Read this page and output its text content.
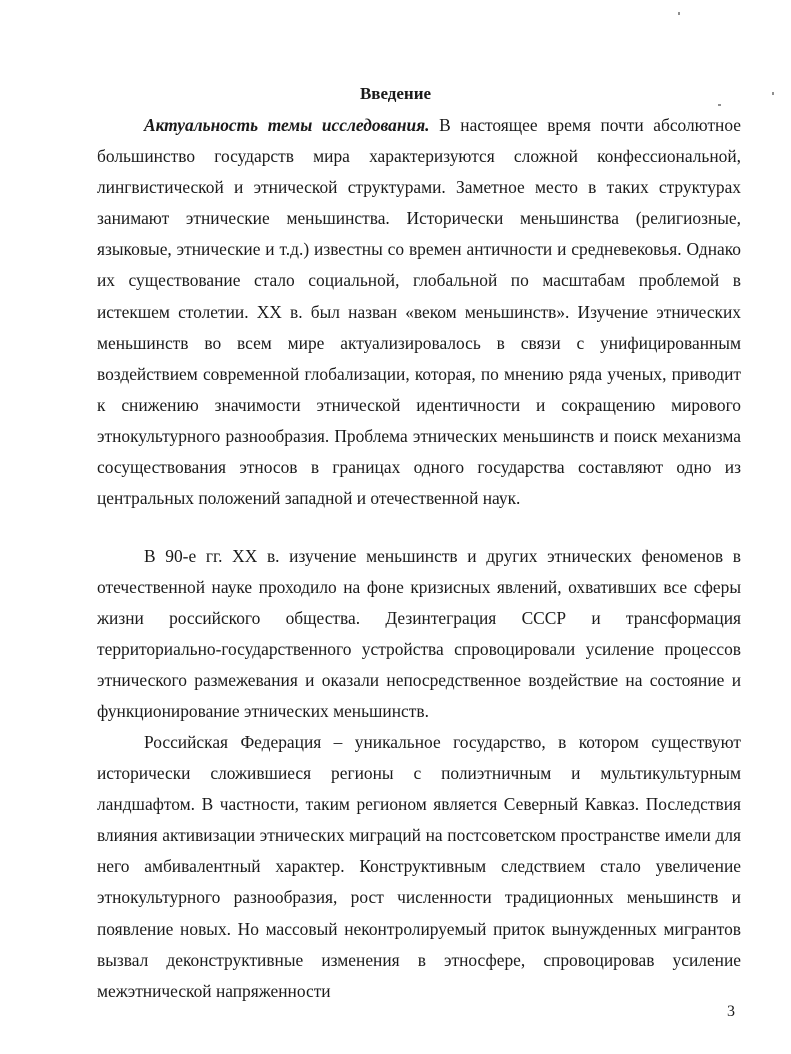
Введение

Актуальность темы исследования. В настоящее время почти абсолютное большинство государств мира характеризуются сложной конфессиональной, лингвистической и этнической структурами. Заметное место в таких структурах занимают этнические меньшинства. Исторически меньшинства (религиозные, языковые, этнические и т.д.) известны со времен античности и средневековья. Однако их существование стало социальной, глобальной по масштабам проблемой в истекшем столетии. XX в. был назван «веком меньшинств». Изучение этнических меньшинств во всем мире актуализировалось в связи с унифицированным воздействием современной глобализации, которая, по мнению ряда ученых, приводит к снижению значимости этнической идентичности и сокращению мирового этнокультурного разнообразия. Проблема этнических меньшинств и поиск механизма сосуществования этносов в границах одного государства составляют одно из центральных положений западной и отечественной наук.

В 90-е гг. XX в. изучение меньшинств и других этнических феноменов в отечественной науке проходило на фоне кризисных явлений, охвативших все сферы жизни российского общества. Дезинтеграция СССР и трансформация территориально-государственного устройства спровоцировали усиление процессов этнического размежевания и оказали непосредственное воздействие на состояние и функционирование этнических меньшинств.

Российская Федерация – уникальное государство, в котором существуют исторически сложившиеся регионы с полиэтничным и мультикультурным ландшафтом. В частности, таким регионом является Северный Кавказ. Последствия влияния активизации этнических миграций на постсоветском пространстве имели для него амбивалентный характер. Конструктивным следствием стало увеличение этнокультурного разнообразия, рост численности традиционных меньшинств и появление новых. Но массовый неконтролируемый приток вынужденных мигрантов вызвал деконструктивные изменения в этносфере, спровоцировав усиление межэтнической напряженности

3
